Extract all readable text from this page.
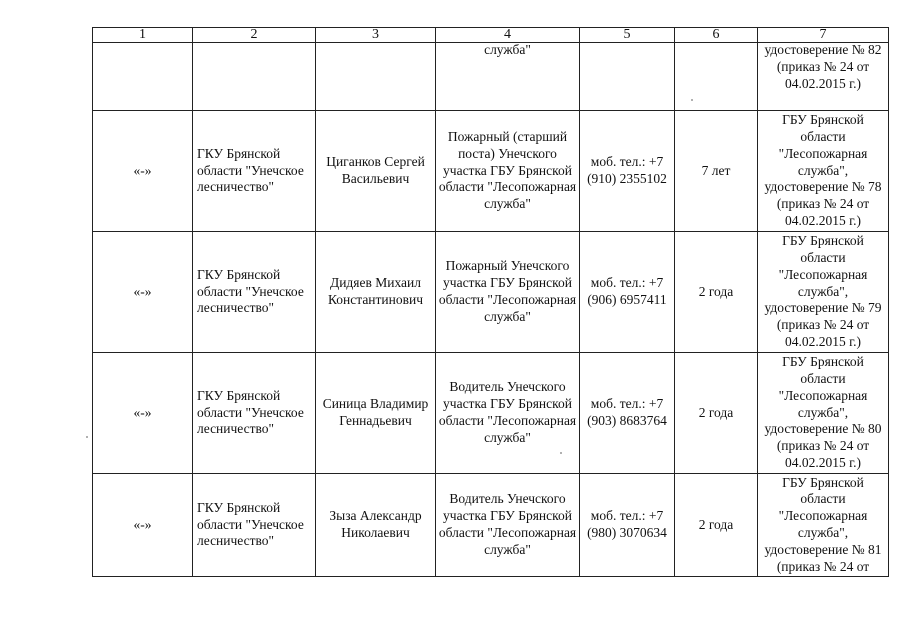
1	2	3	4	5	6	7

			служба"			удостоверение № 82 (приказ № 24 от 04.02.2015 г.)

«-»	ГКУ Брянской области "Унечское лесничество"	Циганков Сергей Васильевич	Пожарный (старший поста) Унечского участка ГБУ Брянской области "Лесопожарная служба"	моб. тел.: +7 (910) 2355102	7 лет	ГБУ Брянской области "Лесопожарная служба", удостоверение № 78 (приказ № 24 от 04.02.2015 г.)
«-»	ГКУ Брянской области "Унечское лесничество"	Дидяев Михаил Константинович	Пожарный Унечского участка ГБУ Брянской области "Лесопожарная служба"	моб. тел.: +7 (906) 6957411	2 года	ГБУ Брянской области "Лесопожарная служба", удостоверение № 79 (приказ № 24 от 04.02.2015 г.)
«-»	ГКУ Брянской области "Унечское лесничество"	Синица Владимир Геннадьевич	Водитель Унечского участка ГБУ Брянской области "Лесопожарная служба"	моб. тел.: +7 (903) 8683764	2 года	ГБУ Брянской области "Лесопожарная служба", удостоверение № 80 (приказ № 24 от 04.02.2015 г.)
«-»	ГКУ Брянской области "Унечское лесничество"	Зыза Александр Николаевич	Водитель Унечского участка ГБУ Брянской области "Лесопожарная служба"	моб. тел.: +7 (980) 3070634	2 года	ГБУ Брянской области "Лесопожарная служба", удостоверение № 81 (приказ № 24 от
